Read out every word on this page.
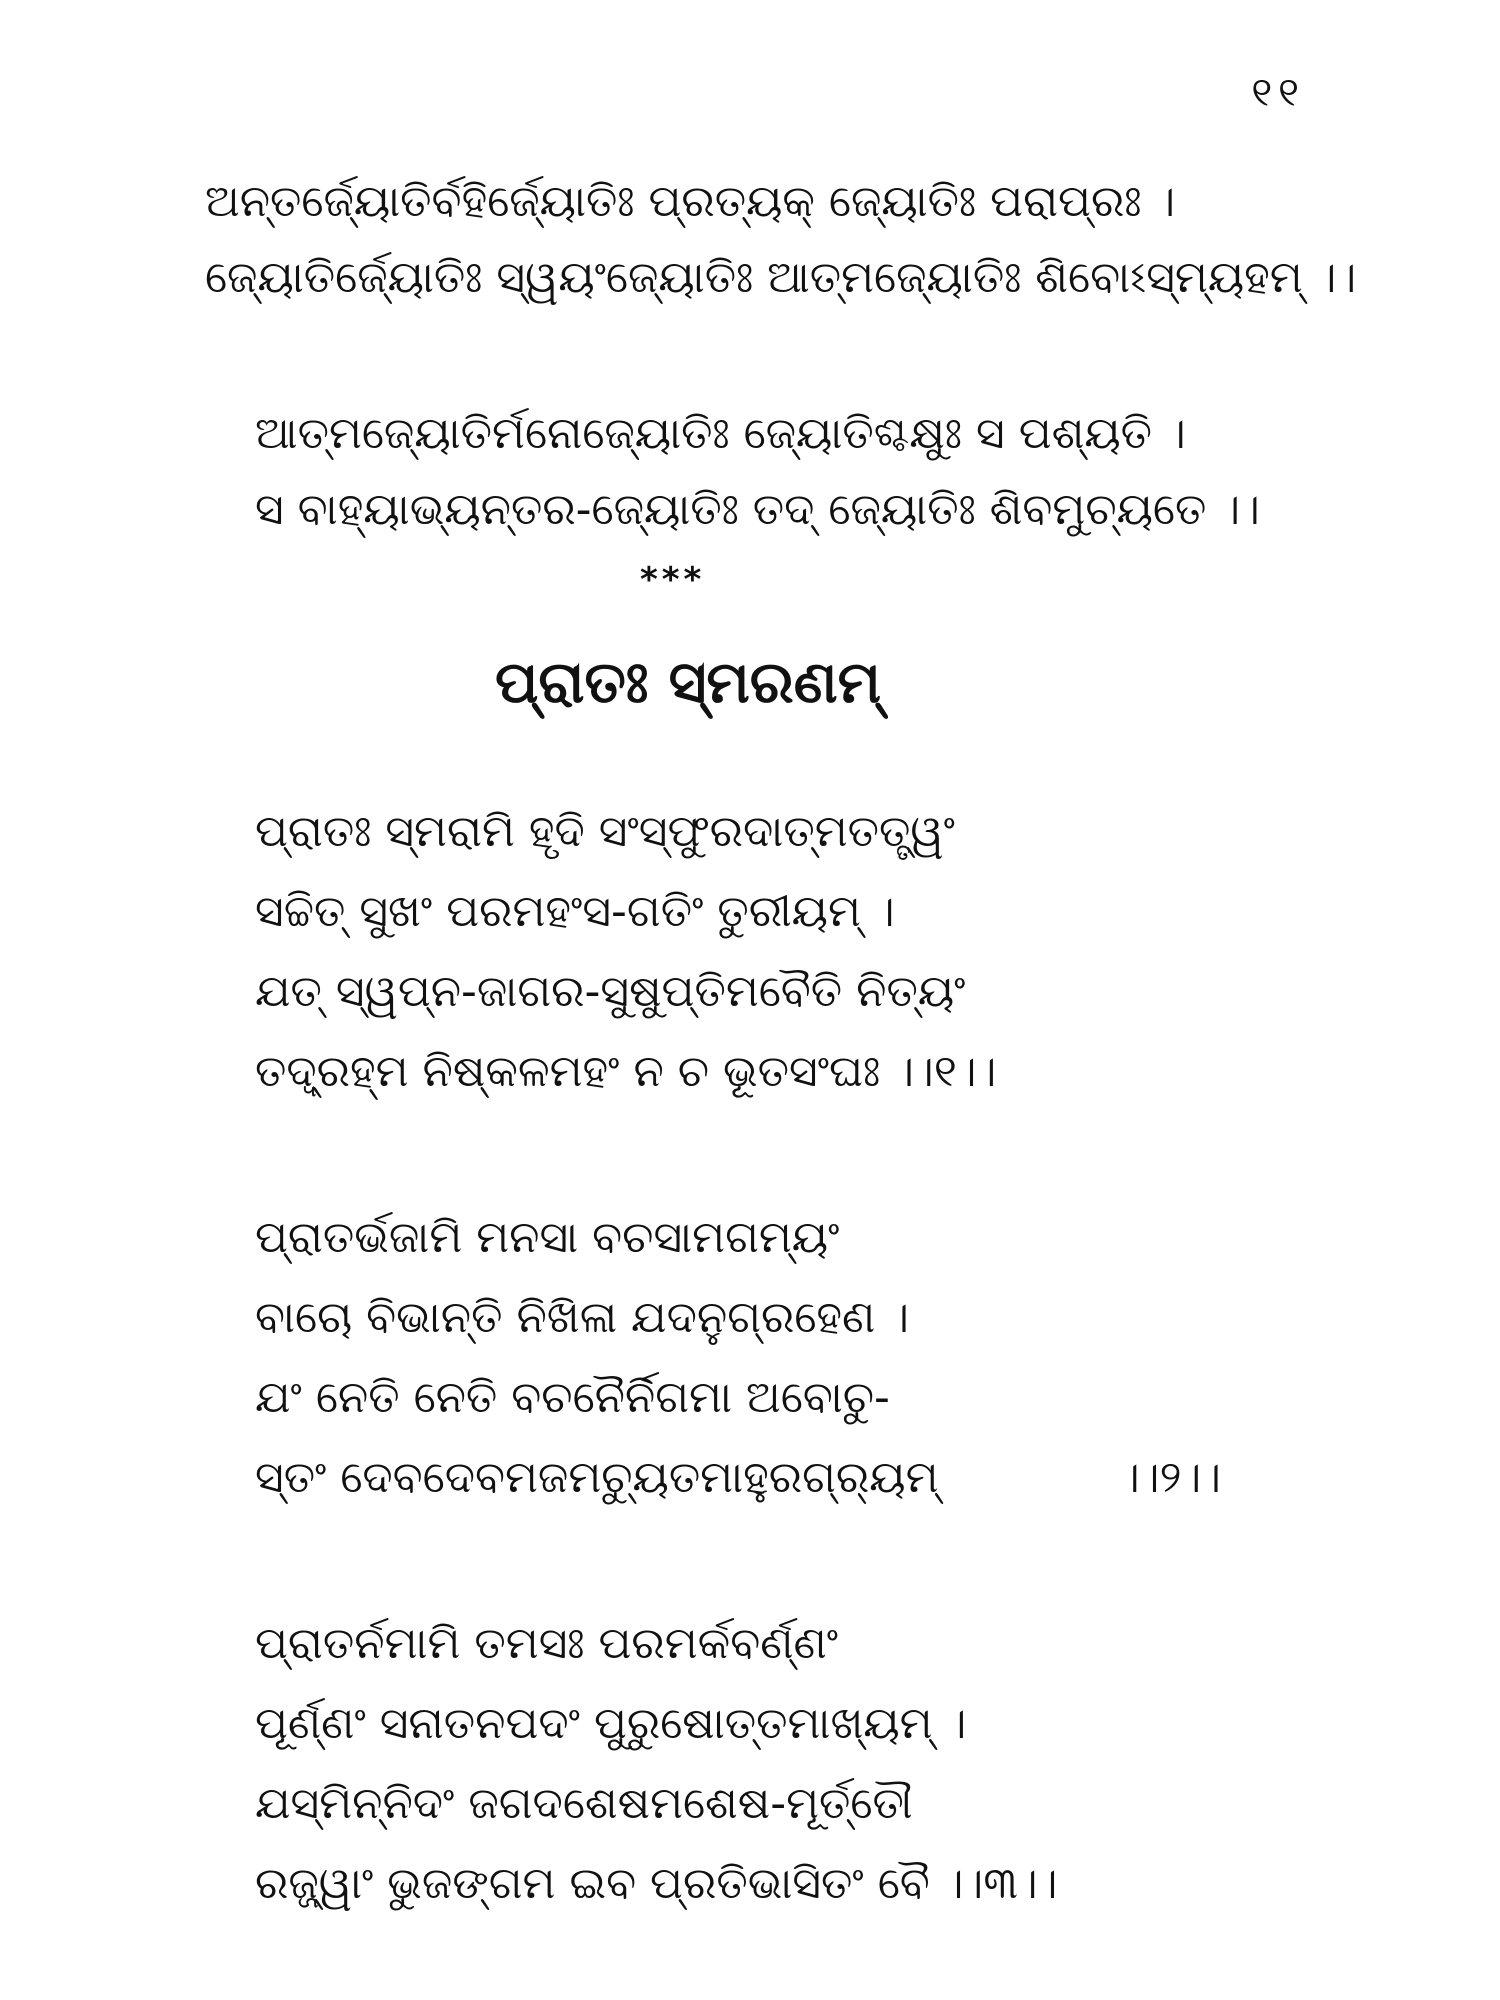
୧୧
ଅନ୍ତର୍ଜ୍ୟୋତିର୍ବହିର୍ଜ୍ୟୋତିଃ ପ୍ରତ୍ୟକ୍ ଜ୍ୟୋତିଃ ପରାପ୍ରଃ ।
ଜ୍ୟୋତିର୍ଜ୍ୟୋତିଃ ସ୍ୱୟଂଜ୍ୟୋତିଃ ଆତ୍ମଜ୍ୟୋତିଃ ଶିବୋଽସ୍ମ୍ୟହମ୍ ।।
ଆତ୍ମଜ୍ୟୋତିର୍ମନୋଜ୍ୟୋତିଃ ଜ୍ୟୋତିଶ୍ଚକ୍ଷୁଃ ସ ପଶ୍ୟତି ।
ସ ବାହ୍ୟାଭ୍ୟନ୍ତର-ଜ୍ୟୋତିଃ ତଦ୍ ଜ୍ୟୋତିଃ ଶିବମୁଚ୍ୟତେ ।।
***
ପ୍ରାତଃ ସ୍ମରଣମ୍
ପ୍ରାତଃ ସ୍ମରାମି ହୃଦି ସଂସ୍ଫୁରଦାତ୍ମତତ୍ତ୍ୱଂ
ସଚ୍ଚିତ୍ ସୁଖଂ ପରମହଂସ-ଗତିଂ ତୁରୀୟମ୍ ।
ଯତ୍ ସ୍ୱପ୍ନ-ଜାଗର-ସୁଷୁପ୍ତିମବୈତି ନିତ୍ୟଂ
ତଦ୍ବ୍ରହ୍ମ ନିଷ୍କଳମହଂ ନ ଚ ଭୂତସଂଘଃ ।।୧।।
ପ୍ରାତର୍ଭଜାମି ମନସା ବଚସାମଗମ୍ୟଂ
ବାଚୋ ବିଭାନ୍ତି ନିଖିଳା ଯଦନୁଗ୍ରହେଣ ।
ଯଂ ନେତି ନେତି ବଚନୈର୍ନିଗମା ଅବୋଚୁ-
ସ୍ତଂ ଦେବଦେବମଜମଚ୍ୟୁତମାହୁରଗ୍ର୍ୟମ୍	।।୨।।
ପ୍ରାତର୍ନମାମି ତମସଃ ପରମର୍କବର୍ଣ୍ଣଂ
ପୂର୍ଣ୍ଣଂ ସନାତନପଦଂ ପୁରୁଷୋତ୍ତମାଖ୍ୟମ୍ ।
ଯସ୍ମିନ୍ନିଦଂ ଜଗଦଶେଷମଶେଷ-ମୂର୍ତ୍ତୌ
ରଜ୍ଜ୍ୱାଂ ଭୁଜଙ୍ଗମ ଇବ ପ୍ରତିଭାସିତଂ ବୈ ।।୩।।
